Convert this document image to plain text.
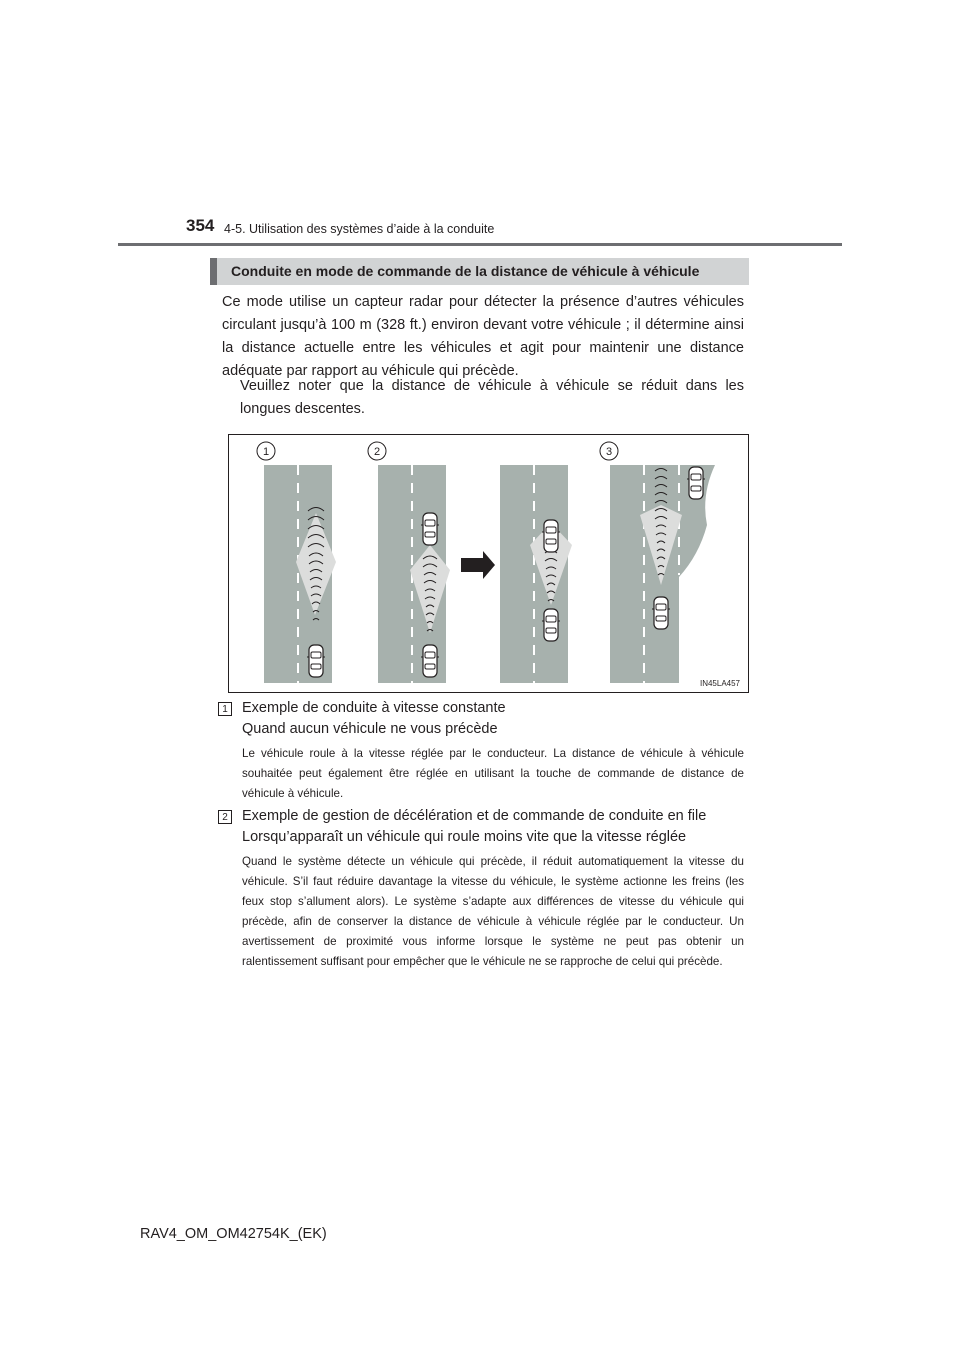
354 4-5. Utilisation des systèmes d’aide à la conduite
Conduite en mode de commande de la distance de véhicule à véhicule
Ce mode utilise un capteur radar pour détecter la présence d’autres véhicules circulant jusqu’à 100 m (328 ft.) environ devant votre véhicule ; il détermine ainsi la distance actuelle entre les véhicules et agit pour maintenir une distance adéquate par rapport au véhicule qui précède.
Veuillez noter que la distance de véhicule à véhicule se réduit dans les longues descentes.
1	2	3
IN45LA457
1 Exemple de conduite à vitesse constante
Quand aucun véhicule ne vous précède
Le véhicule roule à la vitesse réglée par le conducteur. La distance de véhicule à véhicule souhaitée peut également être réglée en utilisant la touche de commande de distance de véhicule à véhicule.
2 Exemple de gestion de décélération et de commande de conduite en file
Lorsqu’apparaît un véhicule qui roule moins vite que la vitesse réglée
Quand le système détecte un véhicule qui précède, il réduit automatiquement la vitesse du véhicule. S’il faut réduire davantage la vitesse du véhicule, le système actionne les freins (les feux stop s’allument alors). Le système s’adapte aux différences de vitesse du véhicule qui précède, afin de conserver la distance de véhicule à véhicule réglée par le conducteur. Un avertissement de proximité vous informe lorsque le système ne peut pas obtenir un ralentissement suffisant pour empêcher que le véhicule ne se rapproche de celui qui précède.
RAV4_OM_OM42754K_(EK)
